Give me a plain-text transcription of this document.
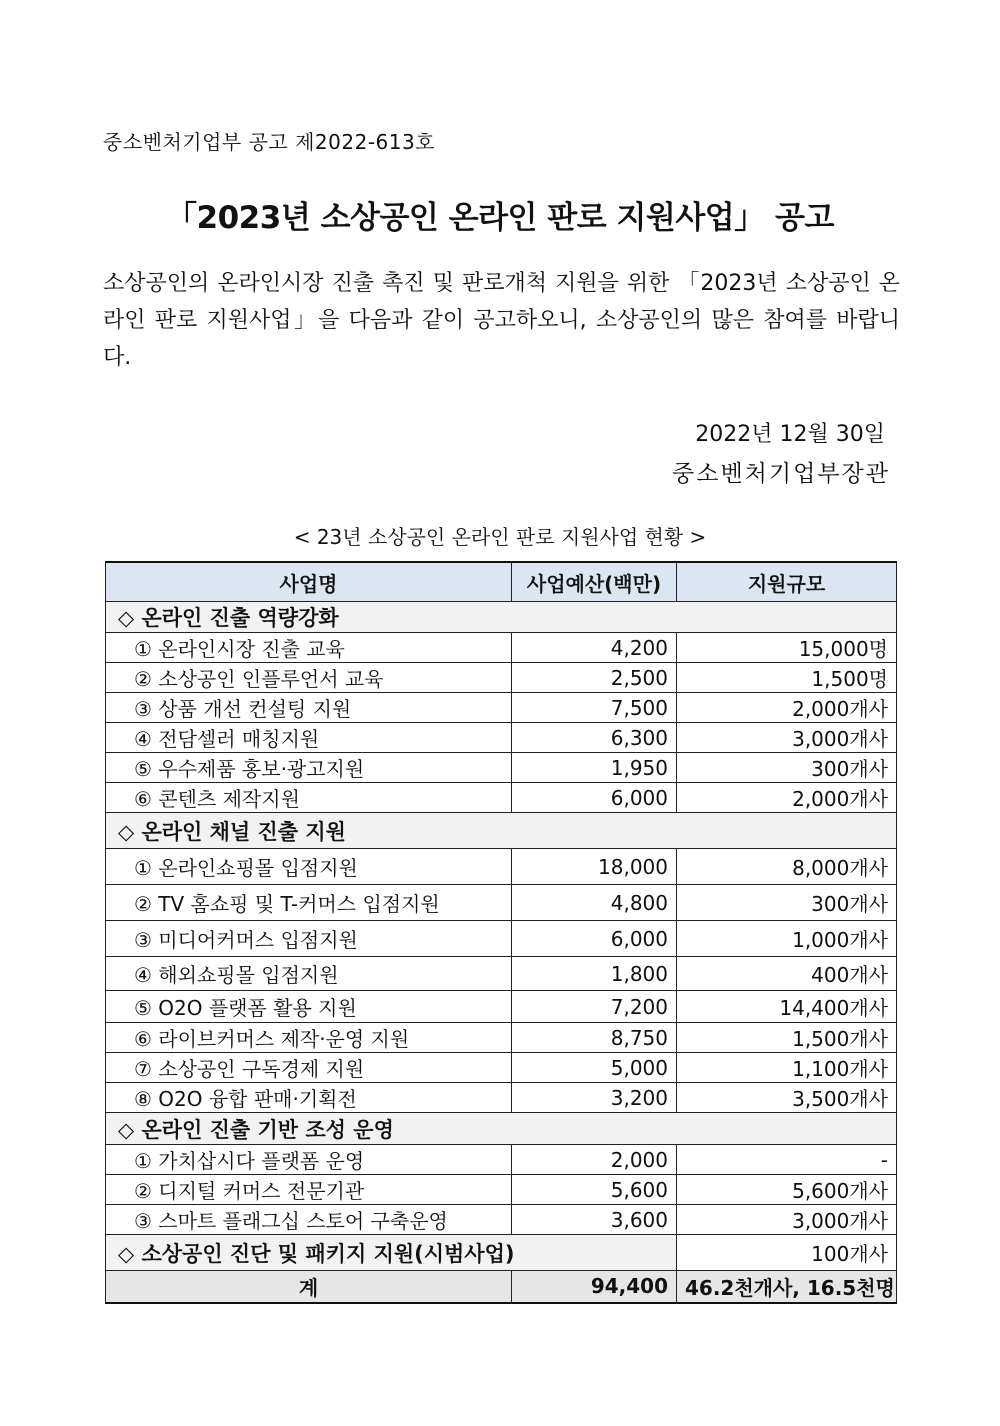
중소벤처기업부 공고 제2022-613호
「2023년 소상공인 온라인 판로 지원사업」 공고
소상공인의 온라인시장 진출 촉진 및 판로개척 지원을 위한 「2023년 소상공인 온라인 판로 지원사업」을 다음과 같이 공고하오니, 소상공인의 많은 참여를 바랍니다.
2022년 12월 30일
중소벤처기업부장관
< 23년 소상공인 온라인 판로 지원사업 현황 >
사업명	사업예산(백만)	지원규모
◇ 온라인 진출 역량강화		
① 온라인시장 진출 교육	4,200	15,000명
② 소상공인 인플루언서 교육	2,500	1,500명
③ 상품 개선 컨설팅 지원	7,500	2,000개사
④ 전담셀러 매칭지원	6,300	3,000개사
⑤ 우수제품 홍보·광고지원	1,950	300개사
⑥ 콘텐츠 제작지원	6,000	2,000개사
◇ 온라인 채널 진출 지원		
① 온라인쇼핑몰 입점지원	18,000	8,000개사
② TV 홈쇼핑 및 T-커머스 입점지원	4,800	300개사
③ 미디어커머스 입점지원	6,000	1,000개사
④ 해외쇼핑몰 입점지원	1,800	400개사
⑤ O2O 플랫폼 활용 지원	7,200	14,400개사
⑥ 라이브커머스 제작·운영 지원	8,750	1,500개사
⑦ 소상공인 구독경제 지원	5,000	1,100개사
⑧ O2O 융합 판매·기획전	3,200	3,500개사
◇ 온라인 진출 기반 조성 운영		
① 가치삽시다 플랫폼 운영	2,000	-
② 디지털 커머스 전문기관	5,600	5,600개사
③ 스마트 플래그십 스토어 구축운영	3,600	3,000개사
◇ 소상공인 진단 및 패키지 지원(시범사업)		100개사
계	94,400	46.2천개사, 16.5천명
